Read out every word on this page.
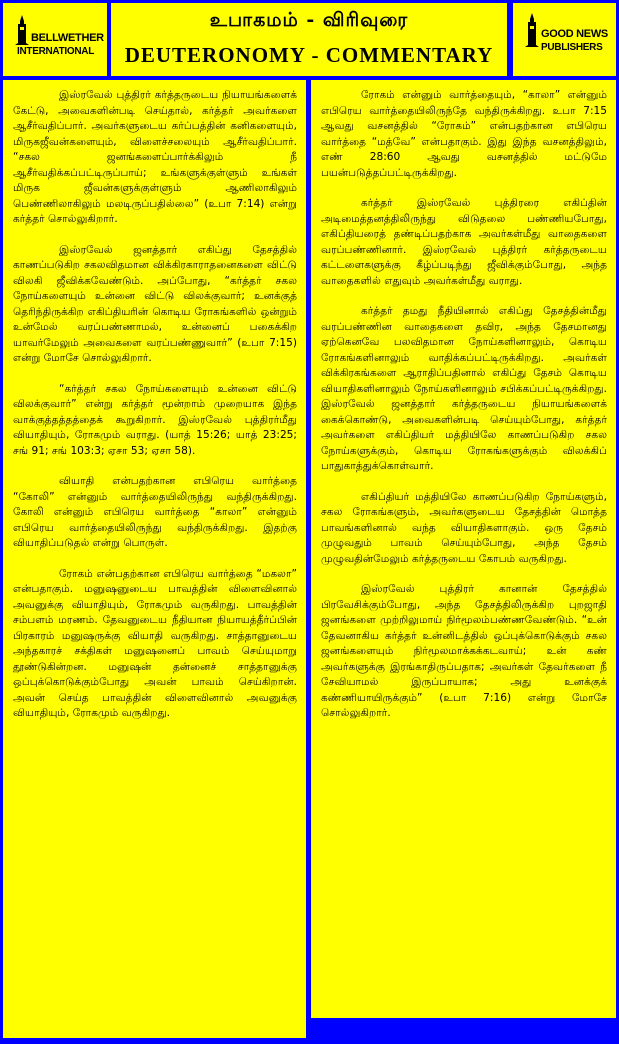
BELLWETHER
INTERNATIONAL
உபாகமம் - விரிவுரை
DEUTERONOMY - COMMENTARY
GOOD NEWS
PUBLISHERS

இஸ்ரவேல் புத்திரர் கர்த்தருடைய நியாயங்களைக் கேட்டு, அவைகளின்படி செய்தால், கர்த்தர் அவர்களை ஆசீர்வதிப்பார். அவர்களுடைய கர்ப்பத்தின் கனிகளையும், மிருகஜீவன்களையும், விளைச்சலையும் ஆசீர்வதிப்பார். “சகல ஜனங்களைப்பார்க்கிலும் நீ ஆசீர்வதிக்கப்பட்டிருப்பாய்; உங்களுக்குள்ளும் உங்கள் மிருக ஜீவன்களுக்குள்ளும் ஆணிலாகிலும் பெண்ணிலாகிலும் மலடிருப்பதில்லை” (உபா 7:14) என்று கர்த்தர் சொல்லுகிறார்.

இஸ்ரவேல் ஜனத்தார் எகிப்து தேசத்தில் காணப்படுகிற சகலவிதமான விக்கிரகாராதனைகளை விட்டு விலகி ஜீவிக்கவேண்டும். அப்போது, “கர்த்தர் சகல நோய்களையும் உன்னை விட்டு விலக்குவார்; உனக்குத் தெரிந்திருக்கிற எகிப்தியரின் கொடிய ரோகங்களில் ஒன்றும் உன்மேல் வரப்பண்ணாமல், உன்னைப் பகைக்கிற யாவர்மேலும் அவைகளை வரப்பண்ணுவார்” (உபா 7:15) என்று மோசே சொல்லுகிறார்.

“கர்த்தர் சகல நோய்களையும் உன்னை விட்டு விலக்குவார்” என்று கர்த்தர் மூன்றாம் முறையாக இந்த வாக்குத்தத்தத்தைக் கூறுகிறார். இஸ்ரவேல் புத்திரர்மீது வியாதியும், ரோகமும் வராது. (யாத் 15:26; யாத் 23:25; சங் 91; சங் 103:3; ஏசா 53; ஏசா 58).

வியாதி என்பதற்கான எபிரெய வார்த்தை “கோலி” என்னும் வார்த்தையிலிருந்து வந்திருக்கிறது. கோலி என்னும் எபிரெய வார்த்தை “காலா” என்னும் எபிரெய வார்த்தையிலிருந்து வந்திருக்கிறது. இதற்கு வியாதிப்படுதல் என்று பொருள்.

ரோகம் என்பதற்கான எபிரெய வார்த்தை “மகலா” என்பதாகும். மனுஷனுடைய பாவத்தின் விளைவினால் அவனுக்கு வியாதியும், ரோகமும் வருகிறது. பாவத்தின் சம்பளம் மரணம். தேவனுடைய நீதியான நியாயத்தீர்ப்பின் பிரகாரம் மனுஷருக்கு வியாதி வருகிறது. சாத்தானுடைய அந்தகாரச் சக்திகள் மனுஷனைப் பாவம் செய்யுமாறு தூண்டுகின்றன. மனுஷன் தன்னைச் சாத்தானுக்கு ஒப்புக்கொடுக்கும்போது அவன் பாவம் செய்கிறான். அவன் செய்த பாவத்தின் விளைவினால் அவனுக்கு வியாதியும், ரோகமும் வருகிறது.

ரோகம் என்னும் வார்த்தையும், “காலா” என்னும் எபிரெய வார்த்தையிலிருந்தே வந்திருக்கிறது. உபா 7:15 ஆவது வசனத்தில் “ரோகம்” என்பதற்கான எபிரெய வார்த்தை “மத்வே” என்பதாகும். இது இந்த வசனத்திலும், எண் 28:60 ஆவது வசனத்தில் மட்டுமே பயன்படுத்தப்பட்டிருக்கிறது.

கர்த்தர் இஸ்ரவேல் புத்திரரை எகிப்தின் அடிமைத்தனத்திலிருந்து விடுதலை பண்ணியபோது, எகிப்தியரைத் தண்டிப்பதற்காக அவர்கள்மீது வாதைகளை வரப்பண்ணினார். இஸ்ரவேல் புத்திரர் கர்த்தருடைய கட்டளைகளுக்கு கீழ்ப்படிந்து ஜீவிக்கும்போது, அந்த வாதைகளில் எதுவும் அவர்கள்மீது வராது.

கர்த்தர் தமது நீதியினால் எகிப்து தேசத்தின்மீது வரப்பண்ணின வாதைகளை தவிர, அந்த தேசமானது ஏற்கெனவே பலவிதமான நோய்களினாலும், கொடிய ரோகங்களினாலும் வாதிக்கப்பட்டிருக்கிறது. அவர்கள் விக்கிரகங்களை ஆராதிப்பதினால் எகிப்து தேசம் கொடிய வியாதிகளினாலும் நோய்களினாலும் சபிக்கப்பட்டிருக்கிறது. இஸ்ரவேல் ஜனத்தார் கர்த்தருடைய நியாயங்களைக் கைக்கொண்டு, அவைகளின்படி செய்யும்போது, கர்த்தர் அவர்களை எகிப்தியர் மத்தியிலே காணப்படுகிற சகல நோய்களுக்கும், கொடிய ரோகங்களுக்கும் விலக்கிப் பாதுகாத்துக்கொள்வார்.

எகிப்தியர் மத்தியிலே காணப்படுகிற நோய்களும், சகல ரோகங்களும், அவர்களுடைய தேசத்தின் மொத்த பாவங்களினால் வந்த வியாதிகளாகும். ஒரு தேசம் முழுவதும் பாவம் செய்யும்போது, அந்த தேசம் முழுவதின்மேலும் கர்த்தருடைய கோபம் வருகிறது.

இஸ்ரவேல் புத்திரர் கானான் தேசத்தில் பிரவேசிக்கும்போது, அந்த தேசத்திலிருக்கிற புறஜாதி ஜனங்களை முற்றிலுமாய் நிர்மூலம்பண்ணவேண்டும். “உன் தேவனாகிய கர்த்தர் உன்னிடத்தில் ஒப்புக்கொடுக்கும் சகல ஜனங்களையும் நிர்மூலமாக்கக்கடவாய்; உன் கண் அவர்களுக்கு இரங்காதிருப்பதாக; அவர்கள் தேவர்களை நீ சேவியாமல் இருப்பாயாக; அது உனக்குக் கண்ணியாயிருக்கும்” (உபா 7:16) என்று மோசே சொல்லுகிறார்.
